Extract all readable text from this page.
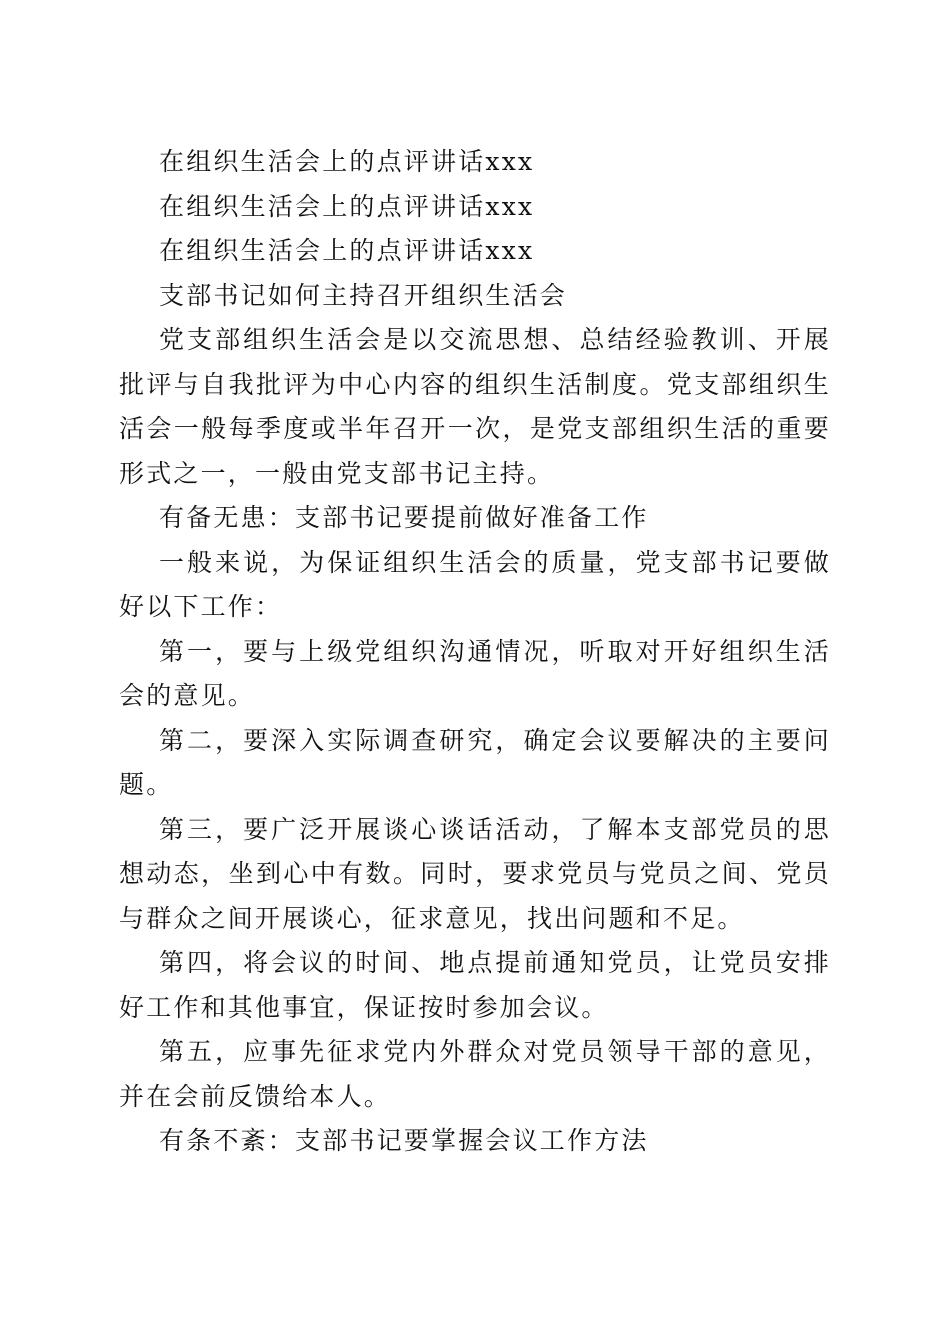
在组织生活会上的点评讲话xxx

在组织生活会上的点评讲话xxx

在组织生活会上的点评讲话xxx

支部书记如何主持召开组织生活会

党支部组织生活会是以交流思想、总结经验教训、开展批评与自我批评为中心内容的组织生活制度。党支部组织生活会一般每季度或半年召开一次，是党支部组织生活的重要形式之一，一般由党支部书记主持。

有备无患：支部书记要提前做好准备工作

一般来说，为保证组织生活会的质量，党支部书记要做好以下工作：

第一，要与上级党组织沟通情况，听取对开好组织生活会的意见。

第二，要深入实际调查研究，确定会议要解决的主要问题。

第三，要广泛开展谈心谈话活动，了解本支部党员的思想动态，坐到心中有数。同时，要求党员与党员之间、党员与群众之间开展谈心，征求意见，找出问题和不足。

第四，将会议的时间、地点提前通知党员，让党员安排好工作和其他事宜，保证按时参加会议。

第五，应事先征求党内外群众对党员领导干部的意见，并在会前反馈给本人。

有条不紊：支部书记要掌握会议工作方法
